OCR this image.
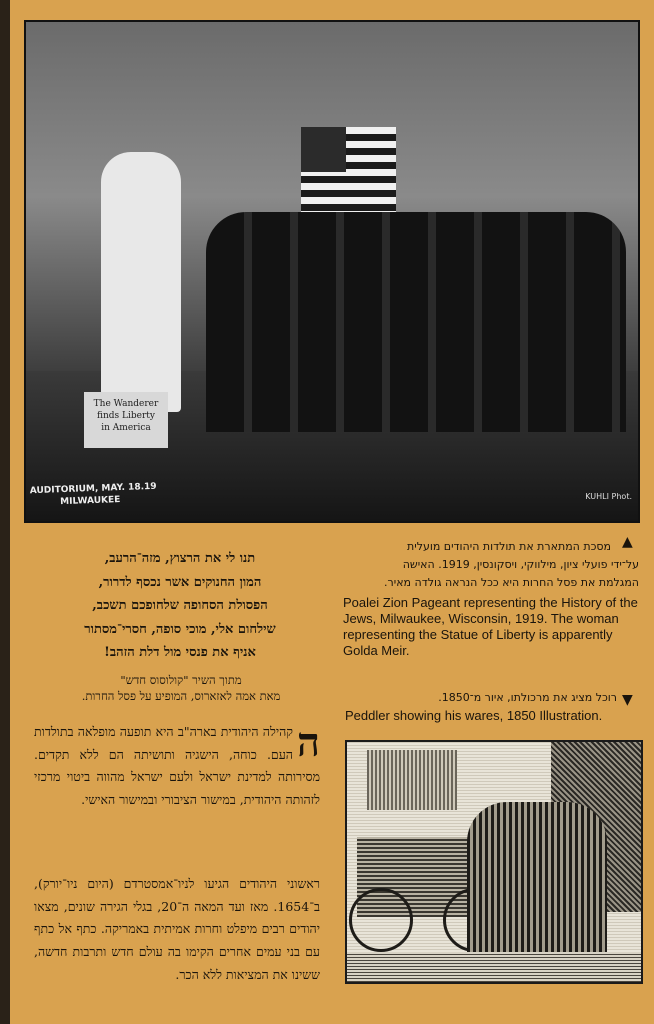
The Wanderer
finds Liberty
in America
AUDITORIUM, MAY. 18.19
MILWAUKEE	KUHLI Phot.
תנו לי את הרצוץ, מזה־הרעב,
המון החנוקים אשר נכסף לדרור,
הפסולת הסחופה שלחופכם תשכב,
שילחום אלי, מוכי סופה, חסרי־מסתור
אניף את פנסי מול דלת הזהב!
מתוך השיר "קולוסוס חדש"
מאת אמה לאזארוס, המופיע על פסל החרות.
▲
מסכת המתארת את תולדות היהודים מועלית
על־ידי פועלי ציון, מילווקי, ויסקונסין, 1919. האישה
המגלמת את פסל החרות היא ככל הנראה גולדה מאיר.
Poalei Zion Pageant representing the History of the Jews, Milwaukee, Wisconsin, 1919. The woman representing the Statue of Liberty is apparently Golda Meir.
▼
רוכל מציג את מרכולתו, איור מ־1850.
Peddler showing his wares, 1850 Illustration.
ה
קהילה היהודית בארה"ב היא תופעה מופלאה בתולדות העם. כוחה, הישגיה ותושיתה הם ללא תקדים. מסירותה למדינת ישראל ולעם ישראל מהווה ביטוי מרכזי לזהותה היהודית, במישור הציבורי ובמישור האישי.
ראשוני היהודים הגיעו לניו־אמסטרדם (היום ניו־יורק), ב־1654. מאז ועד המאה ה־20, בגלי הגירה שונים, מצאו יהודים רבים מיפלט וחרות אמיתית באמריקה. כתף אל כתף עם בני עמים אחרים הקימו בה עולם חדש ותרבות חדשה, ששינו את המציאות ללא הכר.
